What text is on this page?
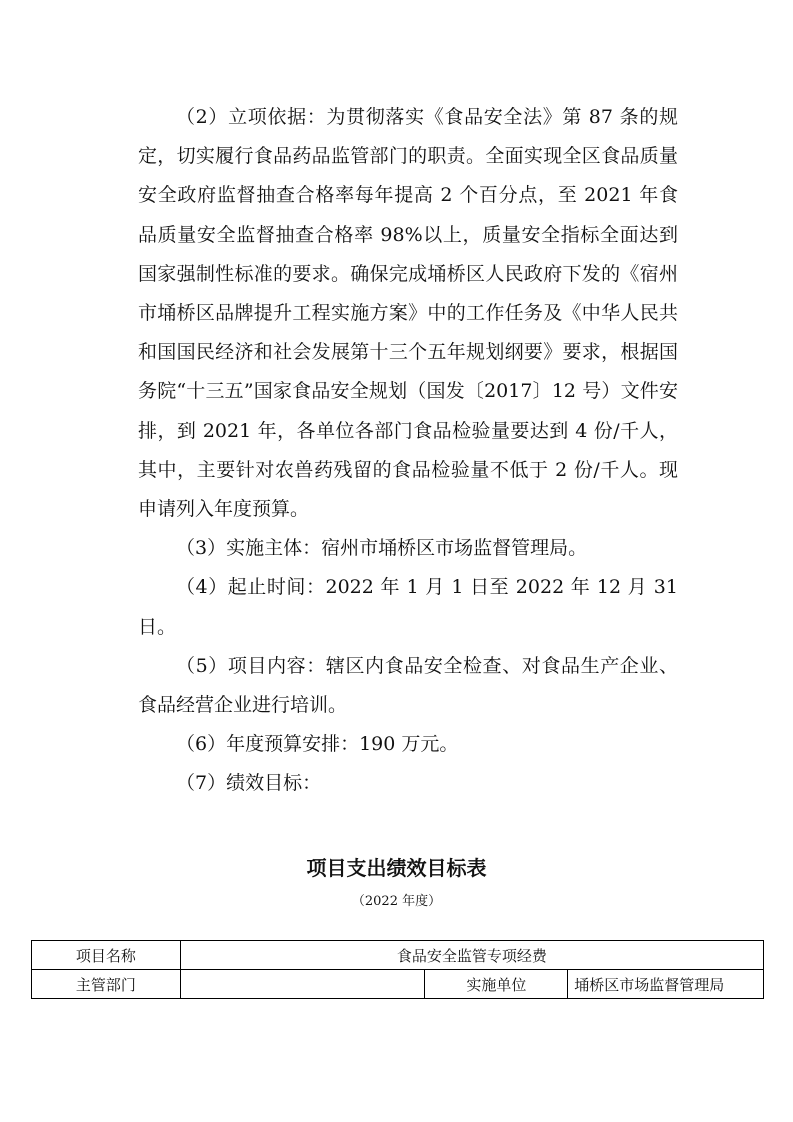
（2）立项依据：为贯彻落实《食品安全法》第 87 条的规定，切实履行食品药品监管部门的职责。全面实现全区食品质量安全政府监督抽查合格率每年提高 2 个百分点，至 2021 年食品质量安全监督抽查合格率 98%以上，质量安全指标全面达到国家强制性标准的要求。确保完成埇桥区人民政府下发的《宿州市埇桥区品牌提升工程实施方案》中的工作任务及《中华人民共和国国民经济和社会发展第十三个五年规划纲要》要求，根据国务院“十三五”国家食品安全规划（国发〔2017〕12 号）文件安排，到 2021 年，各单位各部门食品检验量要达到 4 份/千人，其中，主要针对农兽药残留的食品检验量不低于 2 份/千人。现申请列入年度预算。

（3）实施主体：宿州市埇桥区市场监督管理局。

（4）起止时间：2022 年 1 月 1 日至 2022 年 12 月 31 日。

（5）项目内容：辖区内食品安全检查、对食品生产企业、食品经营企业进行培训。

（6）年度预算安排：190 万元。

（7）绩效目标：

项目支出绩效目标表
（2022 年度）
项目名称	食品安全监管专项经费		
主管部门		实施单位	埇桥区市场监督管理局
